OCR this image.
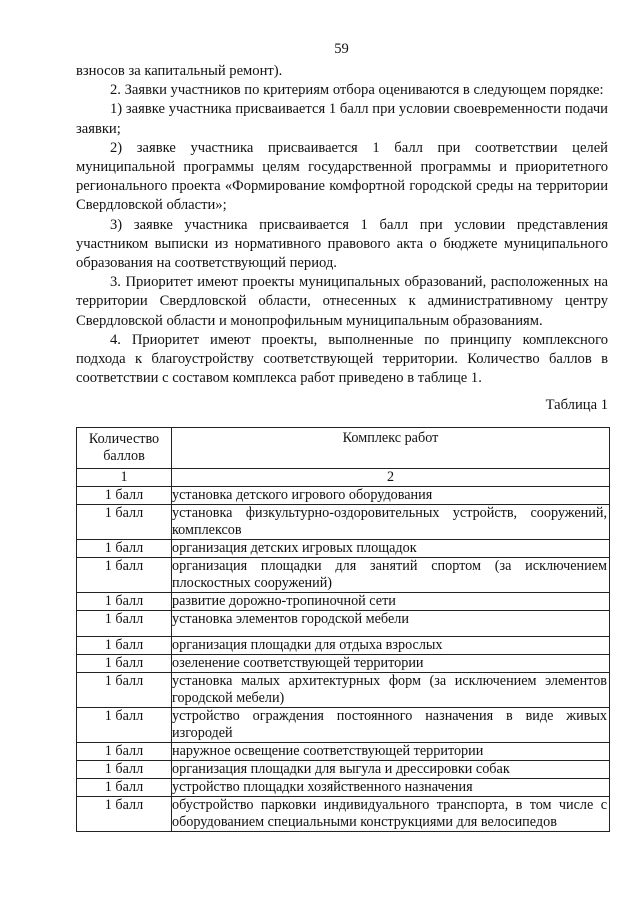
59

взносов за капитальный ремонт).

2. Заявки участников по критериям отбора оцениваются в следующем порядке:

1) заявке участника присваивается 1 балл при условии своевременности подачи заявки;

2) заявке участника присваивается 1 балл при соответствии целей муниципальной программы целям государственной программы и приоритетного регионального проекта «Формирование комфортной городской среды на территории Свердловской области»;

3) заявке участника присваивается 1 балл при условии представления участником выписки из нормативного правового акта о бюджете муниципального образования на соответствующий период.

3. Приоритет имеют проекты муниципальных образований, расположенных на территории Свердловской области, отнесенных к административному центру Свердловской области и монопрофильным муниципальным образованиям.

4. Приоритет имеют проекты, выполненные по принципу комплексного подхода к благоустройству соответствующей территории. Количество баллов в соответствии с составом комплекса работ приведено в таблице 1.

Таблица 1
Количество баллов	Комплекс работ
1	2
1 балл	установка детского игрового оборудования
1 балл	установка физкультурно-оздоровительных устройств, сооружений, комплексов
1 балл	организация детских игровых площадок
1 балл	организация площадки для занятий спортом (за исключением плоскостных сооружений)
1 балл	развитие дорожно-тропиночной сети
1 балл	установка элементов городской мебели
1 балл	организация площадки для отдыха взрослых
1 балл	озеленение соответствующей территории
1 балл	установка малых архитектурных форм (за исключением элементов городской мебели)
1 балл	устройство ограждения постоянного назначения в виде живых изгородей
1 балл	наружное освещение соответствующей территории
1 балл	организация площадки для выгула и дрессировки собак
1 балл	устройство площадки хозяйственного назначения
1 балл	обустройство парковки индивидуального транспорта, в том числе с оборудованием специальными конструкциями для велосипедов
